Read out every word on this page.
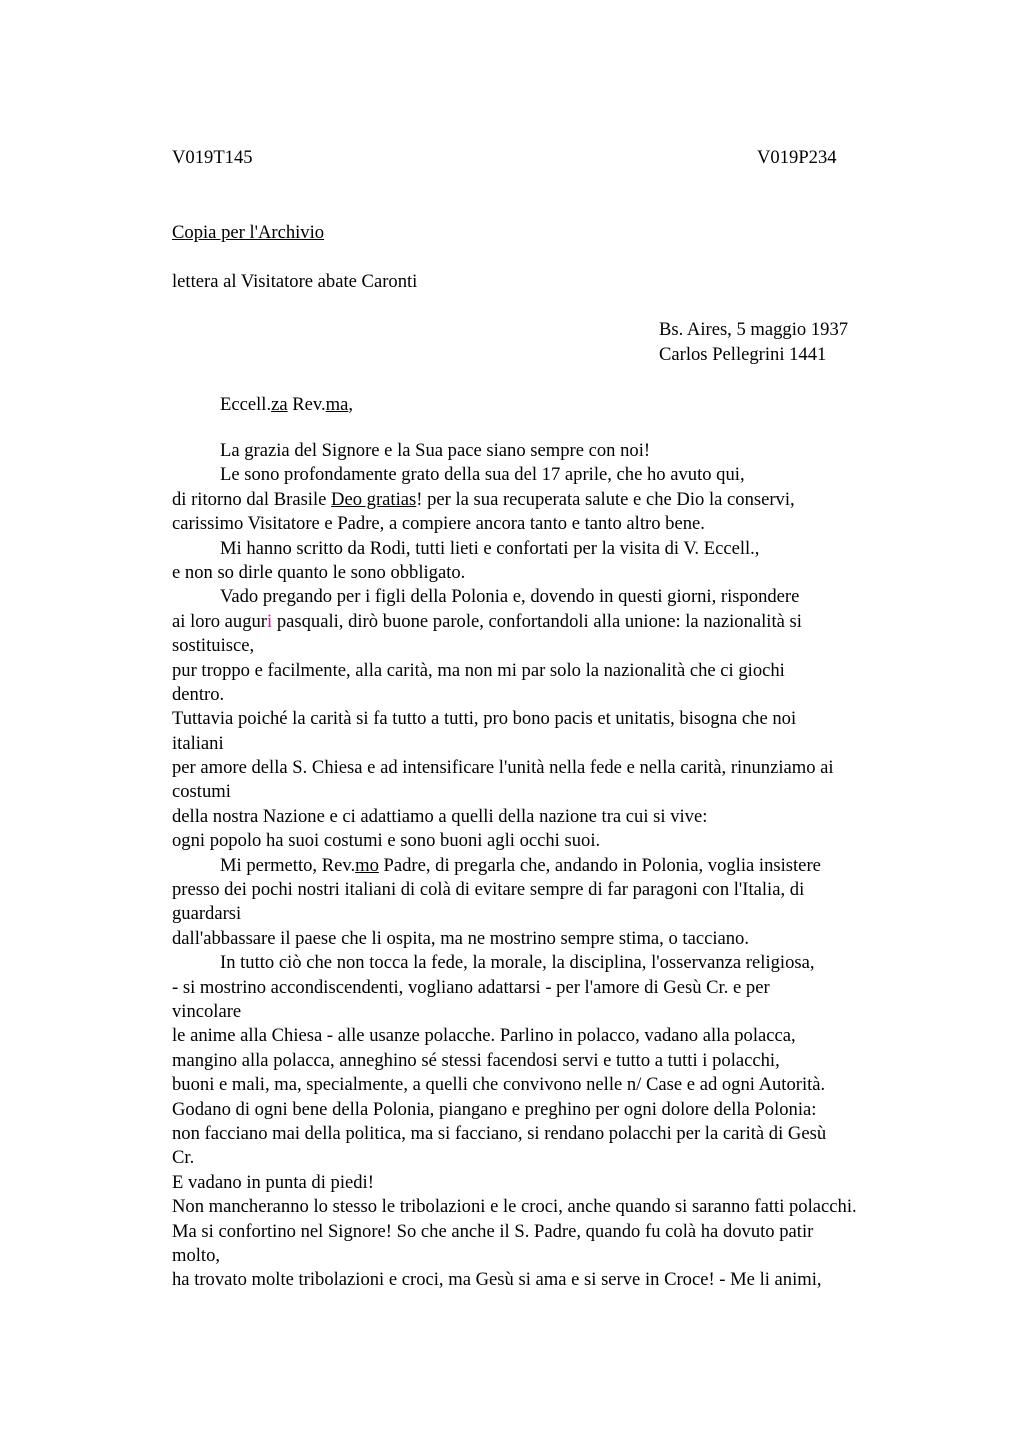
V019T145	V019P234
Copia per l'Archivio
lettera al Visitatore abate Caronti
Bs. Aires, 5 maggio 1937
Carlos Pellegrini 1441
Eccell.za Rev.ma,
La grazia del Signore e la Sua pace siano sempre con noi!
Le sono profondamente grato della sua del 17 aprile, che ho avuto qui,
di ritorno dal Brasile Deo gratias! per la sua recuperata salute e che Dio la conservi,
carissimo Visitatore e Padre, a compiere ancora tanto e tanto altro bene.
Mi hanno scritto da Rodi, tutti lieti e confortati per la visita di V. Eccell.,
e non so dirle quanto le sono obbligato.
Vado pregando per i figli della Polonia e, dovendo in questi giorni, rispondere
ai loro auguri pasquali, dirò buone parole, confortandoli alla unione: la nazionalità si
sostituisce,
pur troppo e facilmente, alla carità, ma non mi par solo la nazionalità che ci giochi
dentro.
Tuttavia poiché la carità si fa tutto a tutti, pro bono pacis et unitatis, bisogna che noi
italiani
per amore della S. Chiesa e ad intensificare l'unità nella fede e nella carità, rinunziamo ai
costumi
della nostra Nazione e ci adattiamo a quelli della nazione tra cui si vive:
ogni popolo ha suoi costumi e sono buoni agli occhi suoi.
Mi permetto, Rev.mo Padre, di pregarla che, andando in Polonia, voglia insistere
presso dei pochi nostri italiani di colà di evitare sempre di far paragoni con l'Italia, di
guardarsi
dall'abbassare il paese che li ospita, ma ne mostrino sempre stima, o tacciano.
In tutto ciò che non tocca la fede, la morale, la disciplina, l'osservanza religiosa,
- si mostrino accondiscendenti, vogliano adattarsi - per l'amore di Gesù Cr. e per
vincolare
le anime alla Chiesa - alle usanze polacche. Parlino in polacco, vadano alla polacca,
mangino alla polacca, anneghino sé stessi facendosi servi e tutto a tutti i polacchi,
buoni e mali, ma, specialmente, a quelli che convivono nelle n/ Case e ad ogni Autorità.
Godano di ogni bene della Polonia, piangano e preghino per ogni dolore della Polonia:
non facciano mai della politica, ma si facciano, si rendano polacchi per la carità di Gesù
Cr.
E vadano in punta di piedi!
Non mancheranno lo stesso le tribolazioni e le croci, anche quando si saranno fatti polacchi.
Ma si confortino nel Signore! So che anche il S. Padre, quando fu colà ha dovuto patir
molto,
ha trovato molte tribolazioni e croci, ma Gesù si ama e si serve in Croce! - Me li animi,
